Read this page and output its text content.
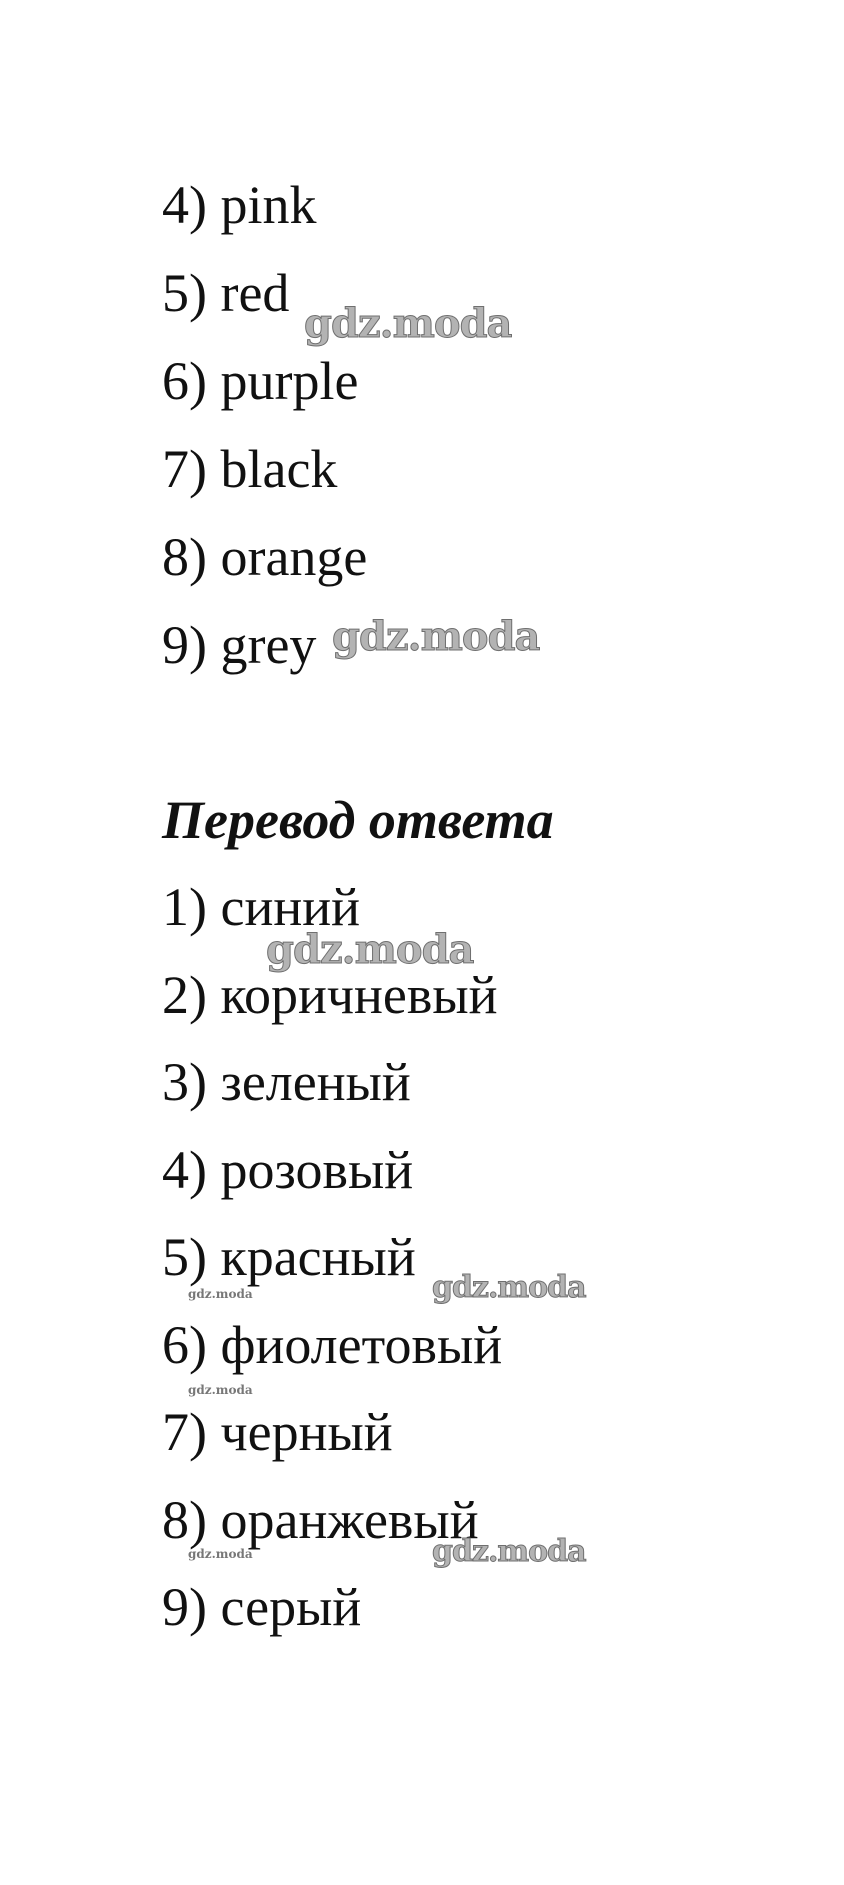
4) pink

5) red

6) purple

7) black

8) orange

9) grey

Перевод ответа

1) синий

2) коричневый

3) зеленый

4) розовый

5) красный

6) фиолетовый

7) черный

8) оранжевый

9) серый

gdz.moda
gdz.moda
gdz.moda
gdz.moda
gdz.moda
gdz.moda
gdz.moda
gdz.moda
